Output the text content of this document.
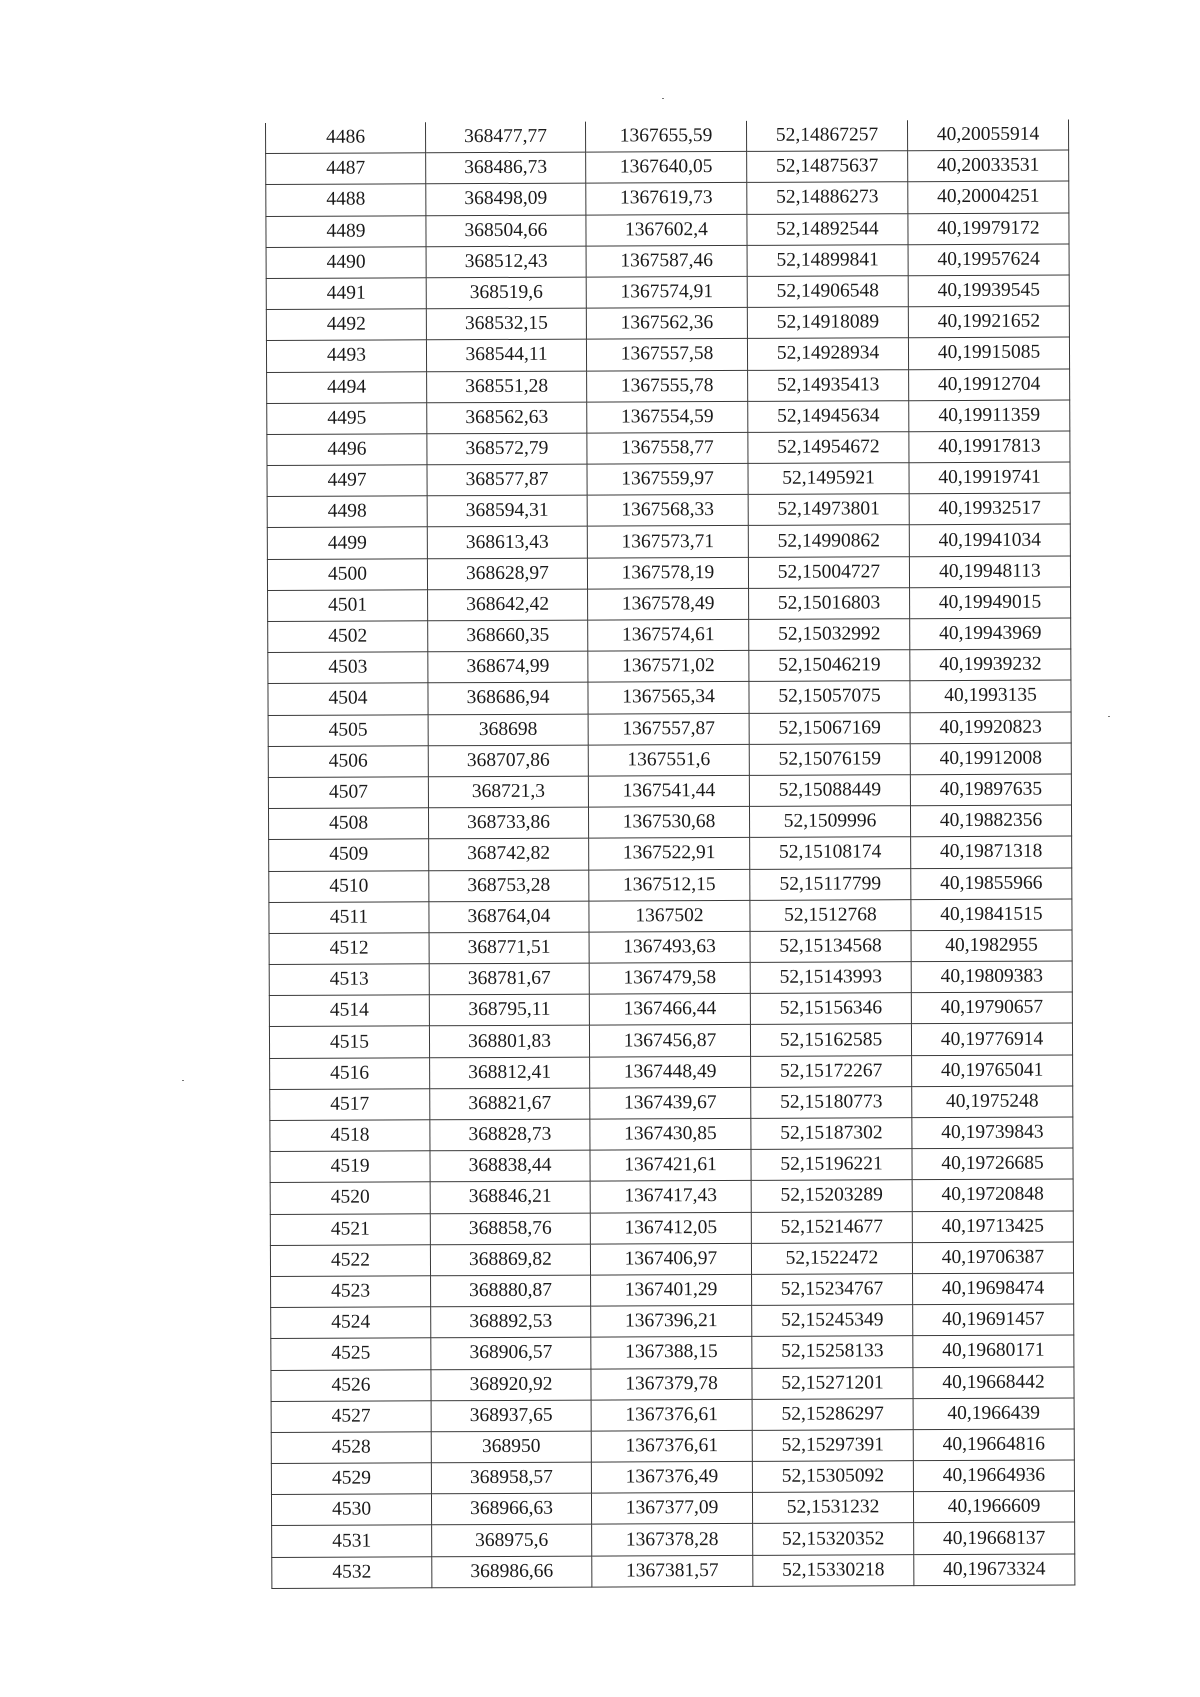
4486	368477,77	1367655,59	52,14867257	40,20055914
4487	368486,73	1367640,05	52,14875637	40,20033531
4488	368498,09	1367619,73	52,14886273	40,20004251
4489	368504,66	1367602,4	52,14892544	40,19979172
4490	368512,43	1367587,46	52,14899841	40,19957624
4491	368519,6	1367574,91	52,14906548	40,19939545
4492	368532,15	1367562,36	52,14918089	40,19921652
4493	368544,11	1367557,58	52,14928934	40,19915085
4494	368551,28	1367555,78	52,14935413	40,19912704
4495	368562,63	1367554,59	52,14945634	40,19911359
4496	368572,79	1367558,77	52,14954672	40,19917813
4497	368577,87	1367559,97	52,1495921	40,19919741
4498	368594,31	1367568,33	52,14973801	40,19932517
4499	368613,43	1367573,71	52,14990862	40,19941034
4500	368628,97	1367578,19	52,15004727	40,19948113
4501	368642,42	1367578,49	52,15016803	40,19949015
4502	368660,35	1367574,61	52,15032992	40,19943969
4503	368674,99	1367571,02	52,15046219	40,19939232
4504	368686,94	1367565,34	52,15057075	40,1993135
4505	368698	1367557,87	52,15067169	40,19920823
4506	368707,86	1367551,6	52,15076159	40,19912008
4507	368721,3	1367541,44	52,15088449	40,19897635
4508	368733,86	1367530,68	52,1509996	40,19882356
4509	368742,82	1367522,91	52,15108174	40,19871318
4510	368753,28	1367512,15	52,15117799	40,19855966
4511	368764,04	1367502	52,1512768	40,19841515
4512	368771,51	1367493,63	52,15134568	40,1982955
4513	368781,67	1367479,58	52,15143993	40,19809383
4514	368795,11	1367466,44	52,15156346	40,19790657
4515	368801,83	1367456,87	52,15162585	40,19776914
4516	368812,41	1367448,49	52,15172267	40,19765041
4517	368821,67	1367439,67	52,15180773	40,1975248
4518	368828,73	1367430,85	52,15187302	40,19739843
4519	368838,44	1367421,61	52,15196221	40,19726685
4520	368846,21	1367417,43	52,15203289	40,19720848
4521	368858,76	1367412,05	52,15214677	40,19713425
4522	368869,82	1367406,97	52,1522472	40,19706387
4523	368880,87	1367401,29	52,15234767	40,19698474
4524	368892,53	1367396,21	52,15245349	40,19691457
4525	368906,57	1367388,15	52,15258133	40,19680171
4526	368920,92	1367379,78	52,15271201	40,19668442
4527	368937,65	1367376,61	52,15286297	40,1966439
4528	368950	1367376,61	52,15297391	40,19664816
4529	368958,57	1367376,49	52,15305092	40,19664936
4530	368966,63	1367377,09	52,1531232	40,1966609
4531	368975,6	1367378,28	52,15320352	40,19668137
4532	368986,66	1367381,57	52,15330218	40,19673324
